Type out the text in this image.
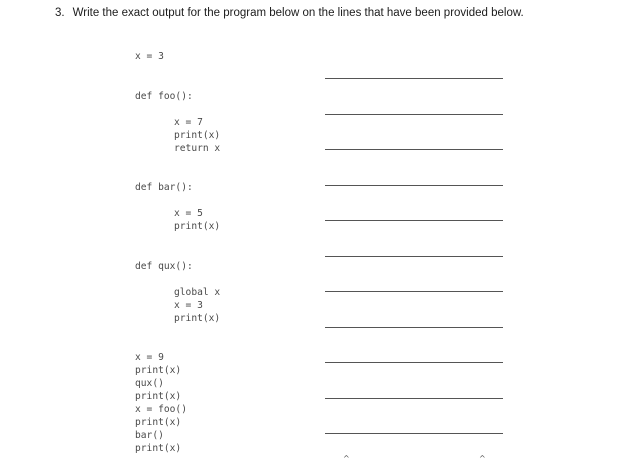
3. Write the exact output for the program below on the lines that have been provided below.
x = 3
def foo():
x = 7
print(x)
return x
def bar():
x = 5
print(x)
def qux():
global x
x = 3
print(x)
x = 9
print(x)
qux()
print(x)
x = foo()
print(x)
bar()
print(x)
^	^
